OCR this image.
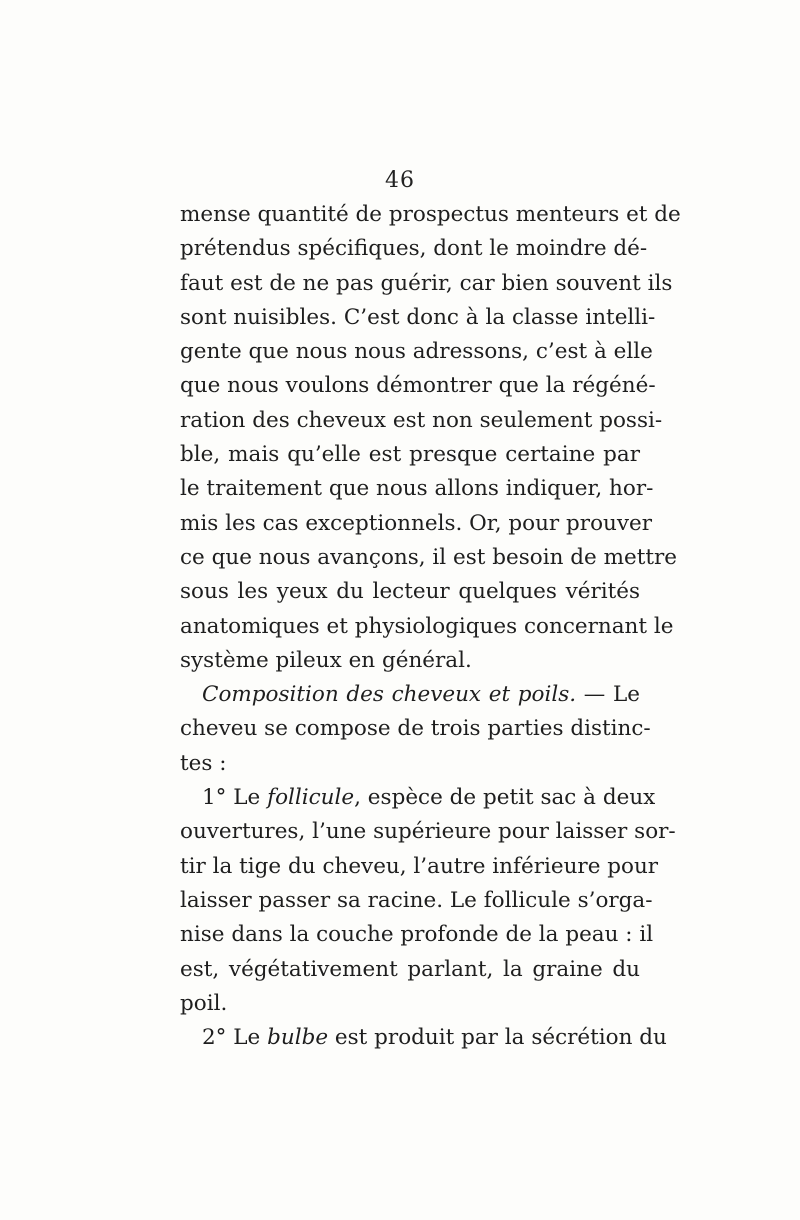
46
mense quantité de prospectus menteurs et de
prétendus spécifiques, dont le moindre dé-
faut est de ne pas guérir, car bien souvent ils
sont nuisibles. C’est donc à la classe intelli-
gente que nous nous adressons, c’est à elle
que nous voulons démontrer que la régéné-
ration des cheveux est non seulement possi-
ble, mais qu’elle est presque certaine par
le traitement que nous allons indiquer, hor-
mis les cas exceptionnels. Or, pour prouver
ce que nous avançons, il est besoin de mettre
sous les yeux du lecteur quelques vérités
anatomiques et physiologiques concernant le
système pileux en général.
Composition des cheveux et poils. — Le
cheveu se compose de trois parties distinc-
tes :
1° Le follicule, espèce de petit sac à deux
ouvertures, l’une supérieure pour laisser sor-
tir la tige du cheveu, l’autre inférieure pour
laisser passer sa racine. Le follicule s’orga-
nise dans la couche profonde de la peau : il
est, végétativement parlant, la graine du
poil.
2° Le bulbe est produit par la sécrétion du
